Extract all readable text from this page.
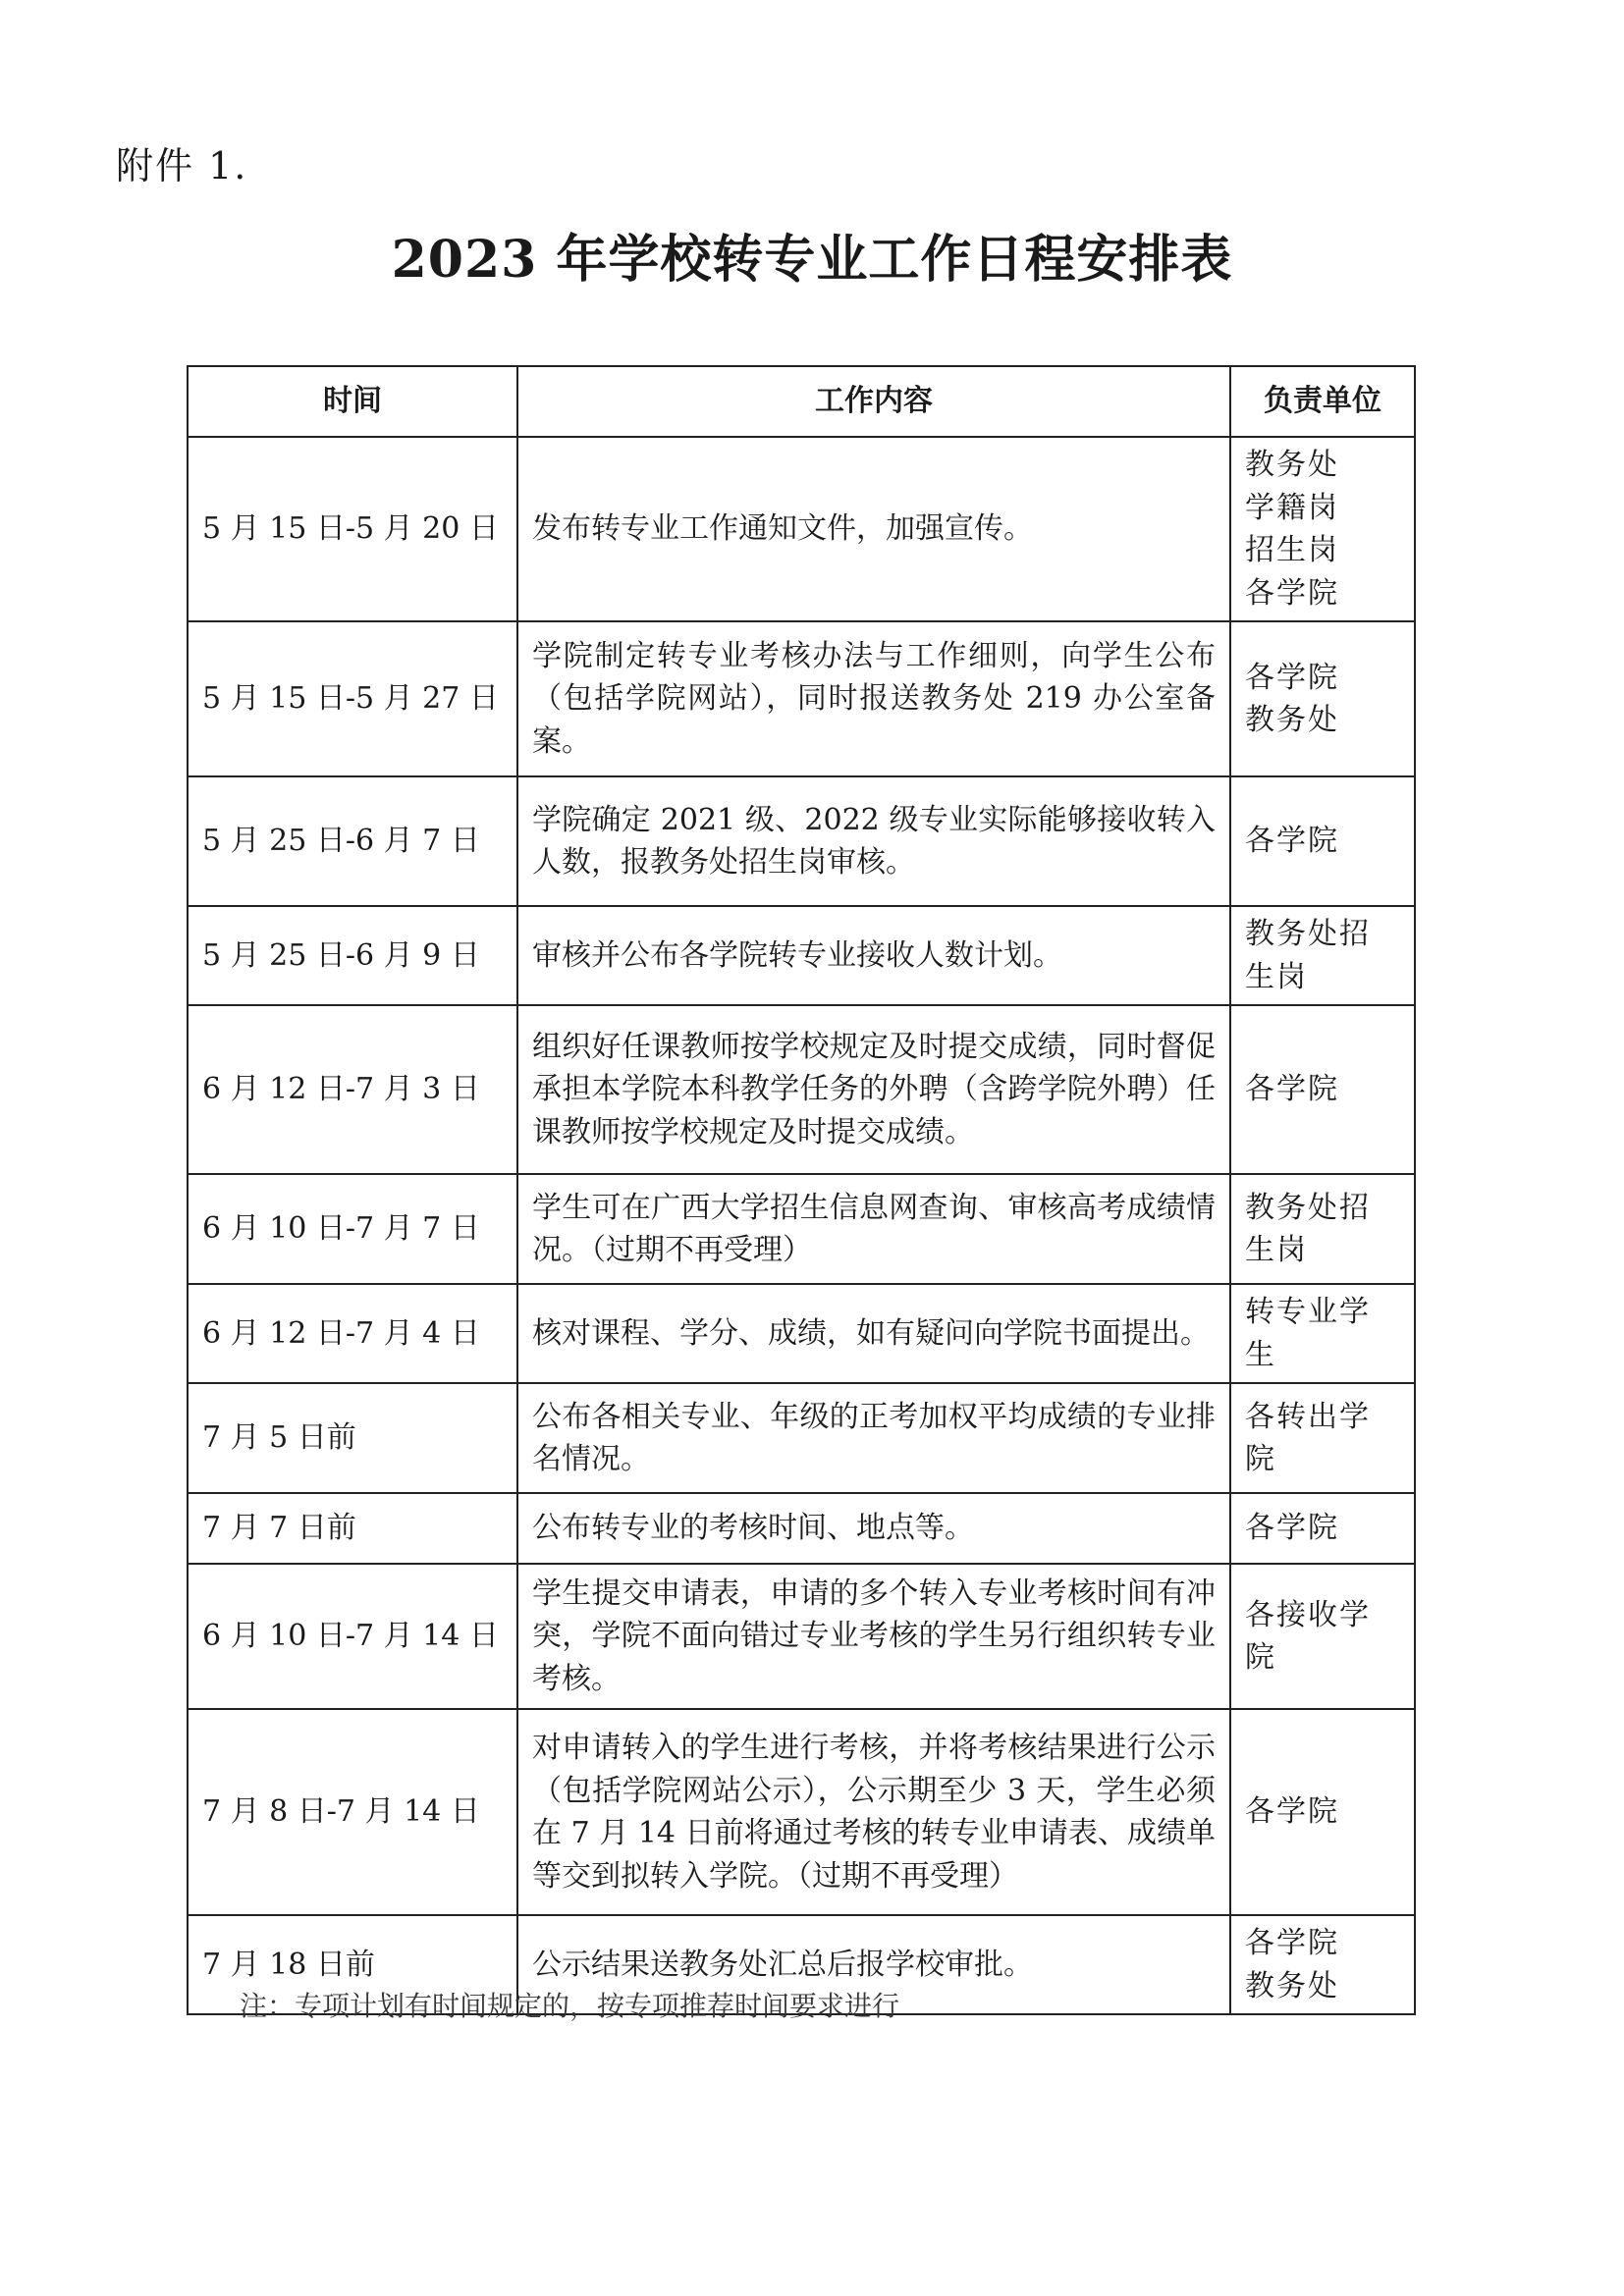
附件 1.
2023 年学校转专业工作日程安排表
时间	工作内容	负责单位
5 月 15 日-5 月 20 日	发布转专业工作通知文件，加强宣传。	教务处
学籍岗
招生岗
各学院

5 月 15 日-5 月 27 日	学院制定转专业考核办法与工作细则，向学生公布（包括学院网站），同时报送教务处 219 办公室备案。	各学院
教务处

5 月 25 日-6 月 7 日	学院确定 2021 级、2022 级专业实际能够接收转入人数，报教务处招生岗审核。	各学院

5 月 25 日-6 月 9 日	审核并公布各学院转专业接收人数计划。	教务处招生岗

6 月 12 日-7 月 3 日	组织好任课教师按学校规定及时提交成绩，同时督促承担本学院本科教学任务的外聘（含跨学院外聘）任课教师按学校规定及时提交成绩。	各学院

6 月 10 日-7 月 7 日	学生可在广西大学招生信息网查询、审核高考成绩情况。（过期不再受理）	教务处招生岗

6 月 12 日-7 月 4 日	核对课程、学分、成绩，如有疑问向学院书面提出。	转专业学生

7 月 5 日前	公布各相关专业、年级的正考加权平均成绩的专业排名情况。	各转出学院

7 月 7 日前	公布转专业的考核时间、地点等。	各学院

6 月 10 日-7 月 14 日	学生提交申请表，申请的多个转入专业考核时间有冲突，学院不面向错过专业考核的学生另行组织转专业考核。	各接收学院

7 月 8 日-7 月 14 日	对申请转入的学生进行考核，并将考核结果进行公示（包括学院网站公示），公示期至少 3 天，学生必须在 7 月 14 日前将通过考核的转专业申请表、成绩单等交到拟转入学院。（过期不再受理）	各学院

7 月 18 日前	公示结果送教务处汇总后报学校审批。	各学院
教务处
注：专项计划有时间规定的，按专项推荐时间要求进行
